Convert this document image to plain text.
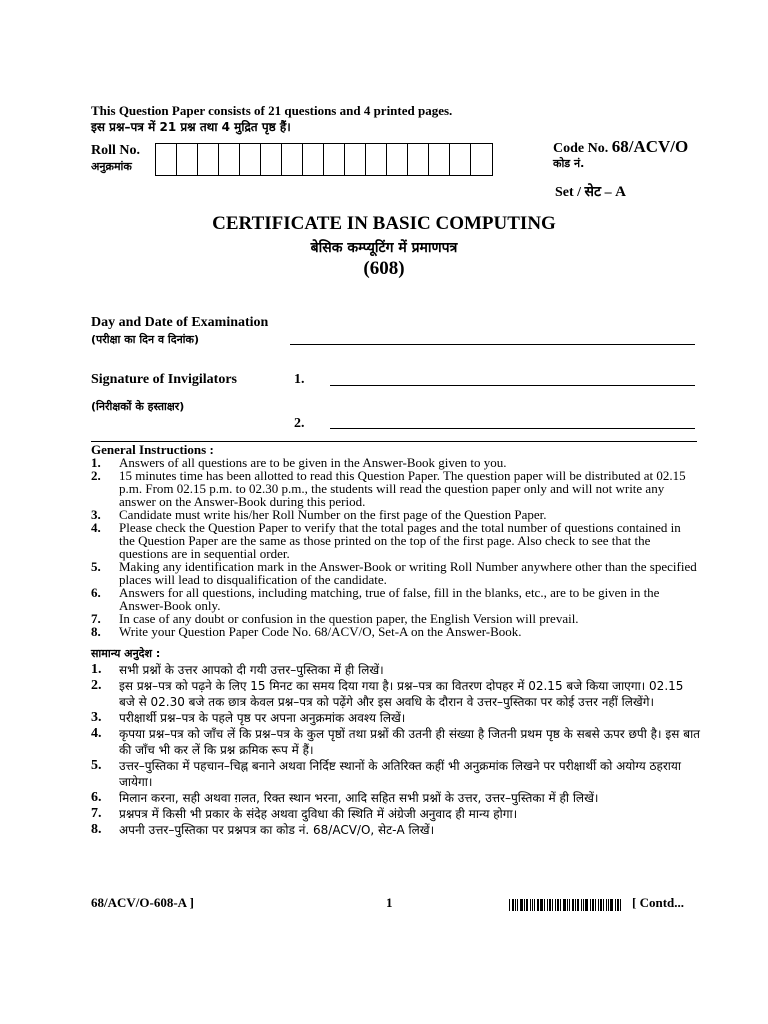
This Question Paper consists of 21 questions and 4 printed pages.
इस प्रश्न–पत्र में 21 प्रश्न तथा 4 मुद्रित पृष्ठ हैं।
Roll No.
अनुक्रमांक
Code No. 68/ACV/O
कोड नं.
Set / सेट – A
CERTIFICATE IN BASIC COMPUTING
बेसिक कम्प्यूटिंग में प्रमाणपत्र
(608)
Day and Date of Examination
(परीक्षा का दिन व दिनांक)
Signature of Invigilators	1.
(निरीक्षकों के हस्ताक्षर)
2.
General Instructions :
1.	Answers of all questions are to be given in the Answer-Book given to you.
2.	15 minutes time has been allotted to read this Question Paper. The question paper will be distributed at 02.15 p.m. From 02.15 p.m. to 02.30 p.m., the students will read the question paper only and will not write any answer on the Answer-Book during this period.
3.	Candidate must write his/her Roll Number on the first page of the Question Paper.
4.	Please check the Question Paper to verify that the total pages and the total number of questions contained in the Question Paper are the same as those printed on the top of the first page. Also check to see that the questions are in sequential order.
5.	Making any identification mark in the Answer-Book or writing Roll Number anywhere other than the specified places will lead to disqualification of the candidate.
6.	Answers for all questions, including matching, true of false, fill in the blanks, etc., are to be given in the Answer-Book only.
7.	In case of any doubt or confusion in the question paper, the English Version will prevail.
8.	Write your Question Paper Code No. 68/ACV/O, Set-A on the Answer-Book.
सामान्य अनुदेश :
1.	सभी प्रश्नों के उत्तर आपको दी गयी उत्तर–पुस्तिका में ही लिखें।
2.	इस प्रश्न–पत्र को पढ़ने के लिए 15 मिनट का समय दिया गया है। प्रश्न–पत्र का वितरण दोपहर में 02.15 बजे किया जाएगा। 02.15 बजे से 02.30 बजे तक छात्र केवल प्रश्न–पत्र को पढ़ेंगे और इस अवधि के दौरान वे उत्तर–पुस्तिका पर कोई उत्तर नहीं लिखेंगे।
3.	परीक्षार्थी प्रश्न–पत्र के पहले पृष्ठ पर अपना अनुक्रमांक अवश्य लिखें।
4.	कृपया प्रश्न–पत्र को जाँच लें कि प्रश्न–पत्र के कुल पृष्ठों तथा प्रश्नों की उतनी ही संख्या है जितनी प्रथम पृष्ठ के सबसे ऊपर छपी है। इस बात की जाँच भी कर लें कि प्रश्न क्रमिक रूप में हैं।
5.	उत्तर–पुस्तिका में पहचान–चिह्न बनाने अथवा निर्दिष्ट स्थानों के अतिरिक्त कहीं भी अनुक्रमांक लिखने पर परीक्षार्थी को अयोग्य ठहराया जायेगा।
6.	मिलान करना, सही अथवा ग़लत, रिक्त स्थान भरना, आदि सहित सभी प्रश्नों के उत्तर, उत्तर–पुस्तिका में ही लिखें।
7.	प्रश्नपत्र में किसी भी प्रकार के संदेह अथवा दुविधा की स्थिति में अंग्रेजी अनुवाद ही मान्य होगा।
8.	अपनी उत्तर–पुस्तिका पर प्रश्नपत्र का कोड नं. 68/ACV/O, सेट-A लिखें।
68/ACV/O-608-A ]	1	[ Contd...
